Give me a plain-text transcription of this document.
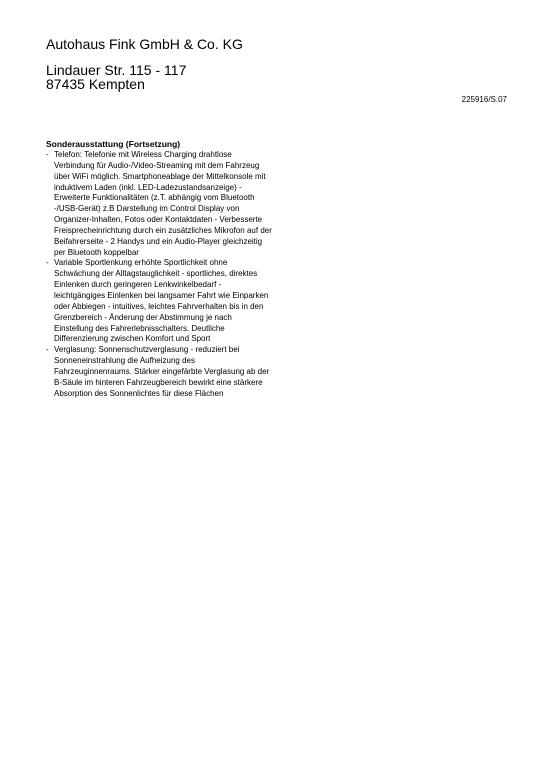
Autohaus Fink GmbH & Co. KG
Lindauer Str. 115 - 117
87435 Kempten
225916/S.07
Sonderausstattung (Fortsetzung)
- Telefon: Telefonie mit Wireless Charging drahtlose
Verbindung für Audio-/Video-Streaming mit dem Fahrzeug
über WiFi möglich. Smartphoneablage der Mittelkonsole mit
induktivem Laden (inkl. LED-Ladezustandsanzeige) -
Erweiterte Funktionalitäten (z.T. abhängig vom Bluetooth
-/USB-Gerät) z.B Darstellung im Control Display von
Organizer-Inhalten, Fotos oder Kontaktdaten - Verbesserte
Freisprecheinrichtung durch ein zusätzliches Mikrofon auf der
Beifahrerseite - 2 Handys und ein Audio-Player gleichzeitig
per Bluetooth koppelbar
- Variable Sportlenkung erhöhte Sportlichkeit ohne
Schwächung der Alltagstauglichkeit - sportliches, direktes
Einlenken durch geringeren Lenkwinkelbedarf -
leichtgängiges Einlenken bei langsamer Fahrt wie Einparken
oder Abbiegen - intuitives, leichtes Fahrverhalten bis in den
Grenzbereich - Änderung der Abstimmung je nach
Einstellung des Fahrerlebnisschalters. Deutliche
Differenzierung zwischen Komfort und Sport
- Verglasung: Sonnenschutzverglasung - reduziert bei
Sonneneinstrahlung die Aufheizung des
Fahrzeuginnenraums. Stärker eingefärbte Verglasung ab der
B-Säule im hinteren Fahrzeugbereich bewirkt eine stärkere
Absorption des Sonnenlichtes für diese Flächen
